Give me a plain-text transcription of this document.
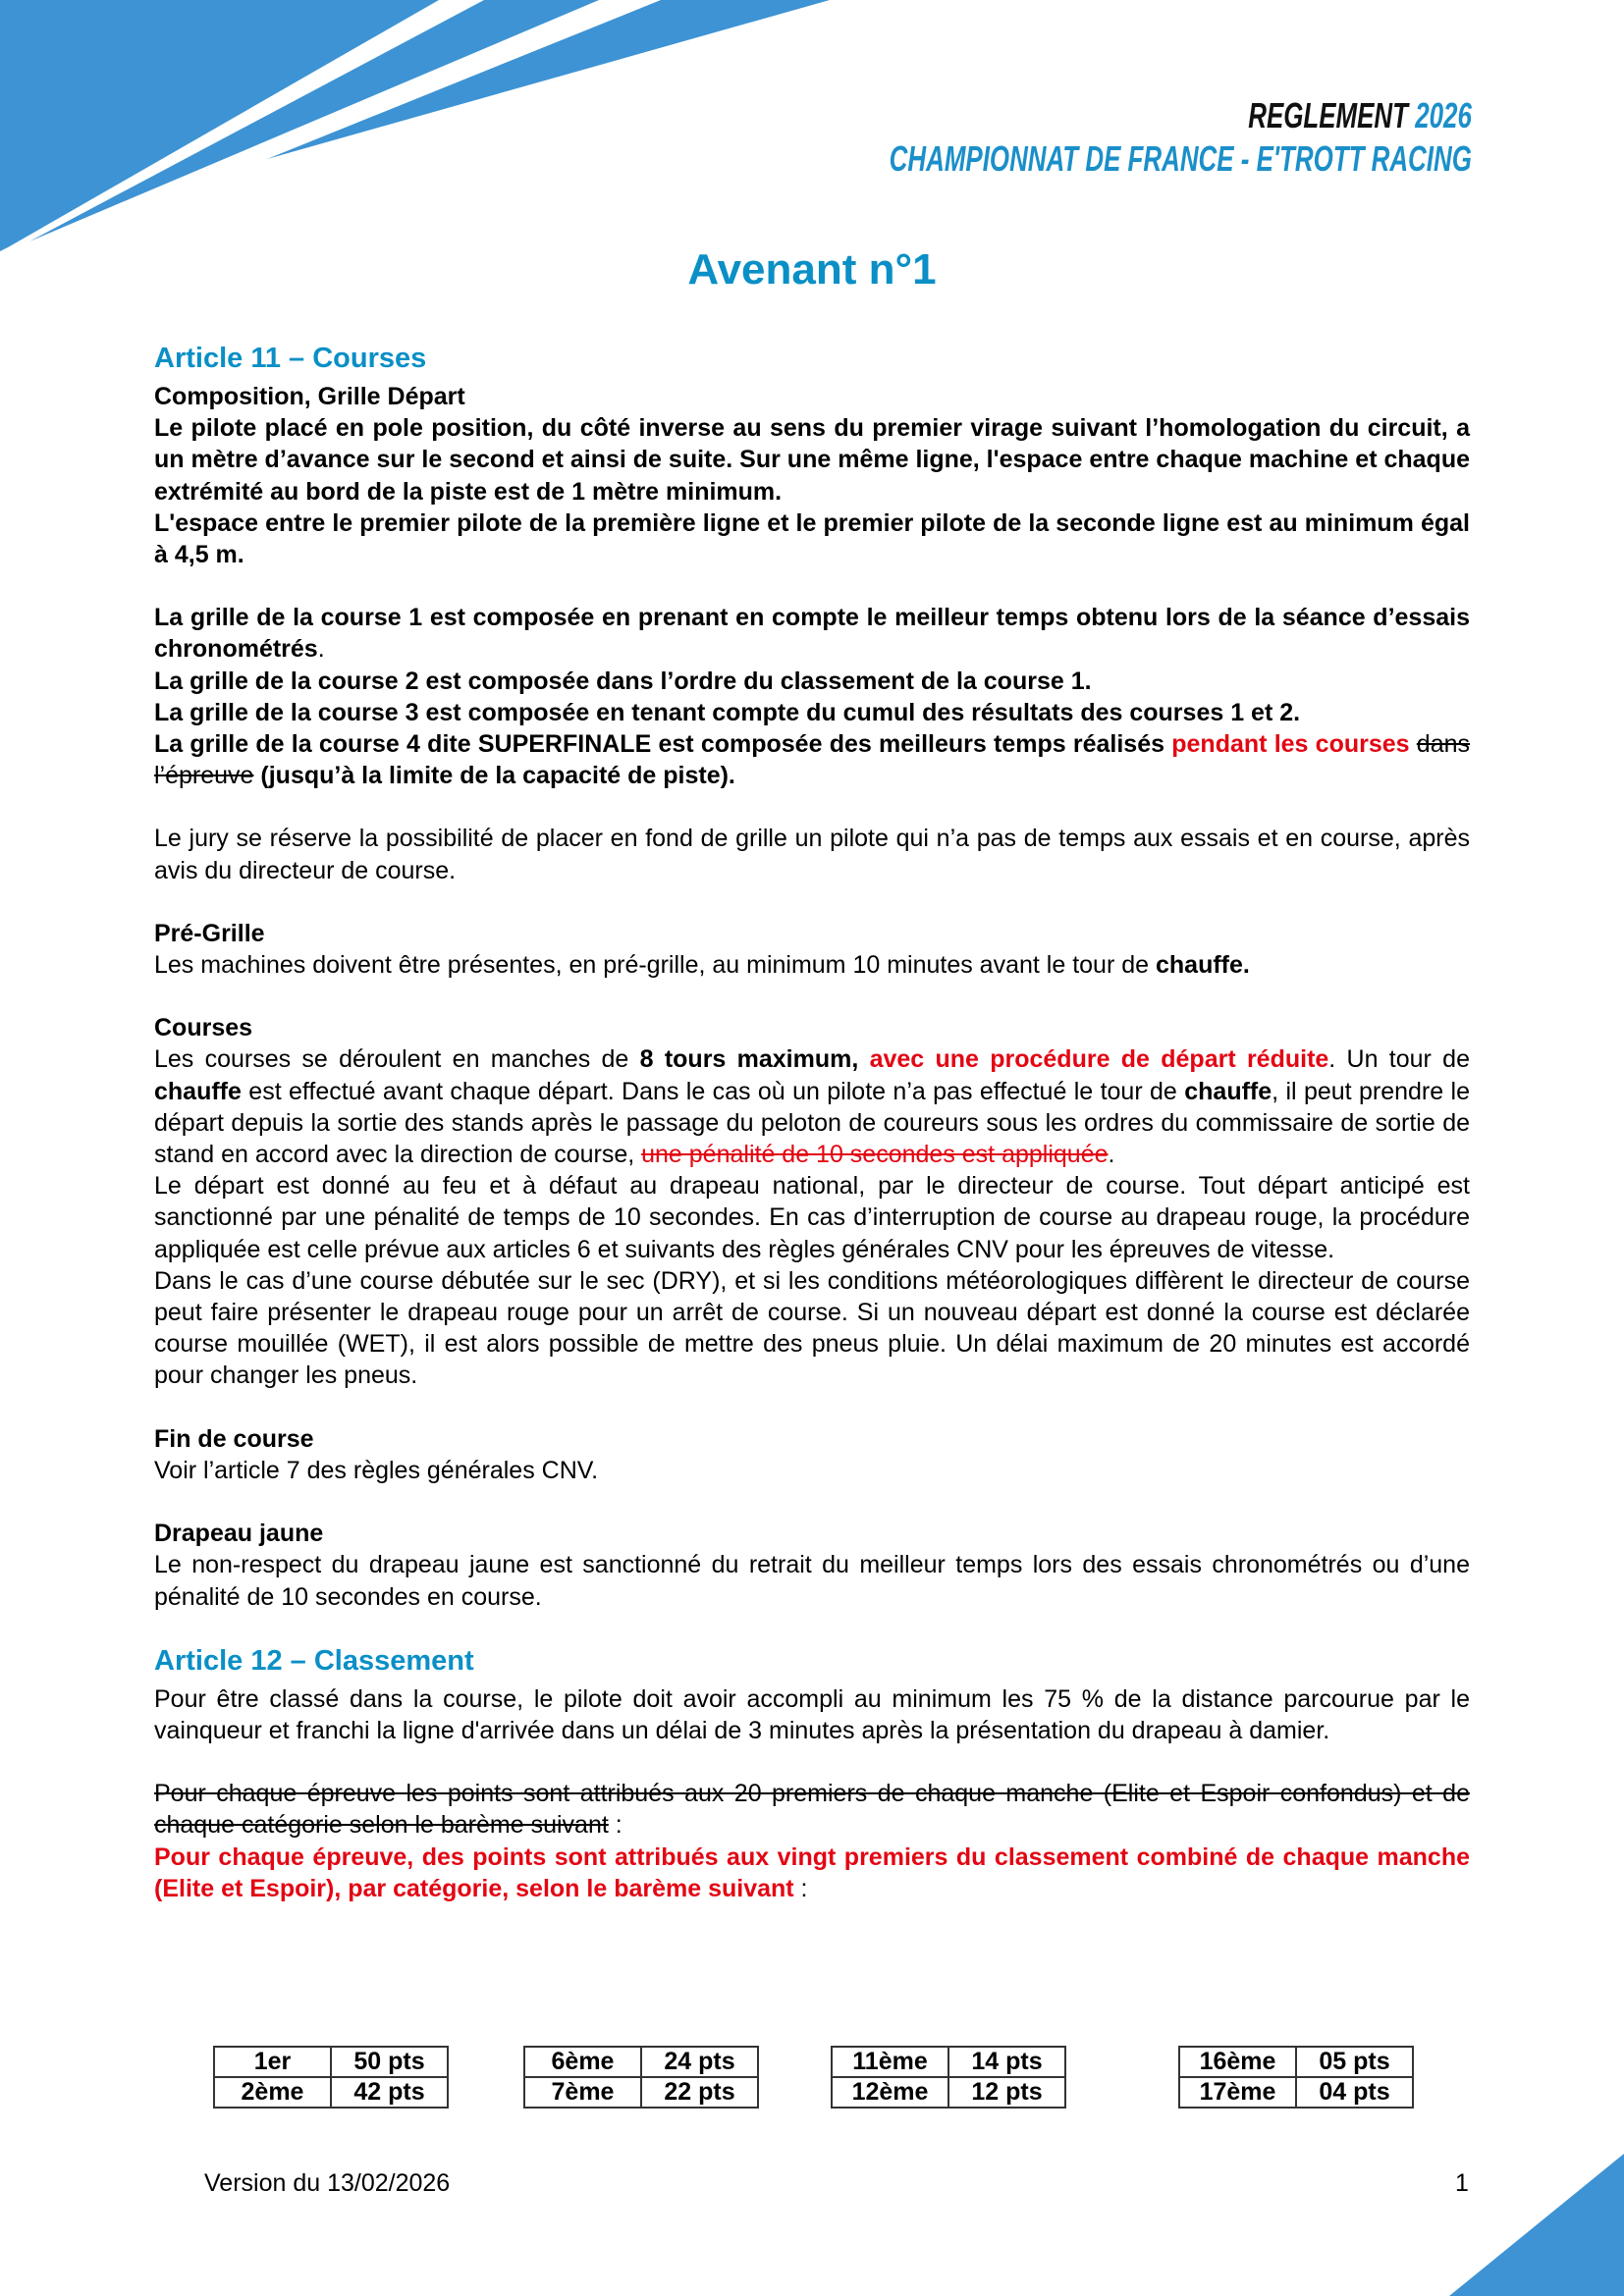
REGLEMENT 2026
CHAMPIONNAT DE FRANCE - E'TROTT RACING
Avenant n°1
Article 11 – Courses

Composition, Grille Départ

Le pilote placé en pole position, du côté inverse au sens du premier virage suivant l’homologation du circuit, a un mètre d’avance sur le second et ainsi de suite. Sur une même ligne, l'espace entre chaque machine et chaque extrémité au bord de la piste est de 1 mètre minimum.

L'espace entre le premier pilote de la première ligne et le premier pilote de la seconde ligne est au minimum égal à 4,5 m.

La grille de la course 1 est composée en prenant en compte le meilleur temps obtenu lors de la séance d’essais chronométrés.

La grille de la course 2 est composée dans l’ordre du classement de la course 1.

La grille de la course 3 est composée en tenant compte du cumul des résultats des courses 1 et 2.

La grille de la course 4 dite SUPERFINALE est composée des meilleurs temps réalisés pendant les courses dans l’épreuve (jusqu’à la limite de la capacité de piste).

Le jury se réserve la possibilité de placer en fond de grille un pilote qui n’a pas de temps aux essais et en course, après avis du directeur de course.

Pré-Grille

Les machines doivent être présentes, en pré-grille, au minimum 10 minutes avant le tour de chauffe.

Courses

Les courses se déroulent en manches de 8 tours maximum, avec une procédure de départ réduite. Un tour de chauffe est effectué avant chaque départ. Dans le cas où un pilote n’a pas effectué le tour de chauffe, il peut prendre le départ depuis la sortie des stands après le passage du peloton de coureurs sous les ordres du commissaire de sortie de stand en accord avec la direction de course, une pénalité de 10 secondes est appliquée.

Le départ est donné au feu et à défaut au drapeau national, par le directeur de course. Tout départ anticipé est sanctionné par une pénalité de temps de 10 secondes. En cas d’interruption de course au drapeau rouge, la procédure appliquée est celle prévue aux articles 6 et suivants des règles générales CNV pour les épreuves de vitesse.

Dans le cas d’une course débutée sur le sec (DRY), et si les conditions météorologiques diffèrent le directeur de course peut faire présenter le drapeau rouge pour un arrêt de course. Si un nouveau départ est donné la course est déclarée course mouillée (WET), il est alors possible de mettre des pneus pluie. Un délai maximum de 20 minutes est accordé pour changer les pneus.

Fin de course

Voir l’article 7 des règles générales CNV.

Drapeau jaune

Le non-respect du drapeau jaune est sanctionné du retrait du meilleur temps lors des essais chronométrés ou d’une pénalité de 10 secondes en course.

Article 12 – Classement

Pour être classé dans la course, le pilote doit avoir accompli au minimum les 75 % de la distance parcourue par le vainqueur et franchi la ligne d'arrivée dans un délai de 3 minutes après la présentation du drapeau à damier.

Pour chaque épreuve les points sont attribués aux 20 premiers de chaque manche (Elite et Espoir confondus) et de chaque catégorie selon le barème suivant :

Pour chaque épreuve, des points sont attribués aux vingt premiers du classement combiné de chaque manche (Elite et Espoir), par catégorie, selon le barème suivant :

1er	50 pts
2ème	42 pts
6ème	24 pts
7ème	22 pts
11ème	14 pts
12ème	12 pts
16ème	05 pts
17ème	04 pts
Version du 13/02/2026	1
